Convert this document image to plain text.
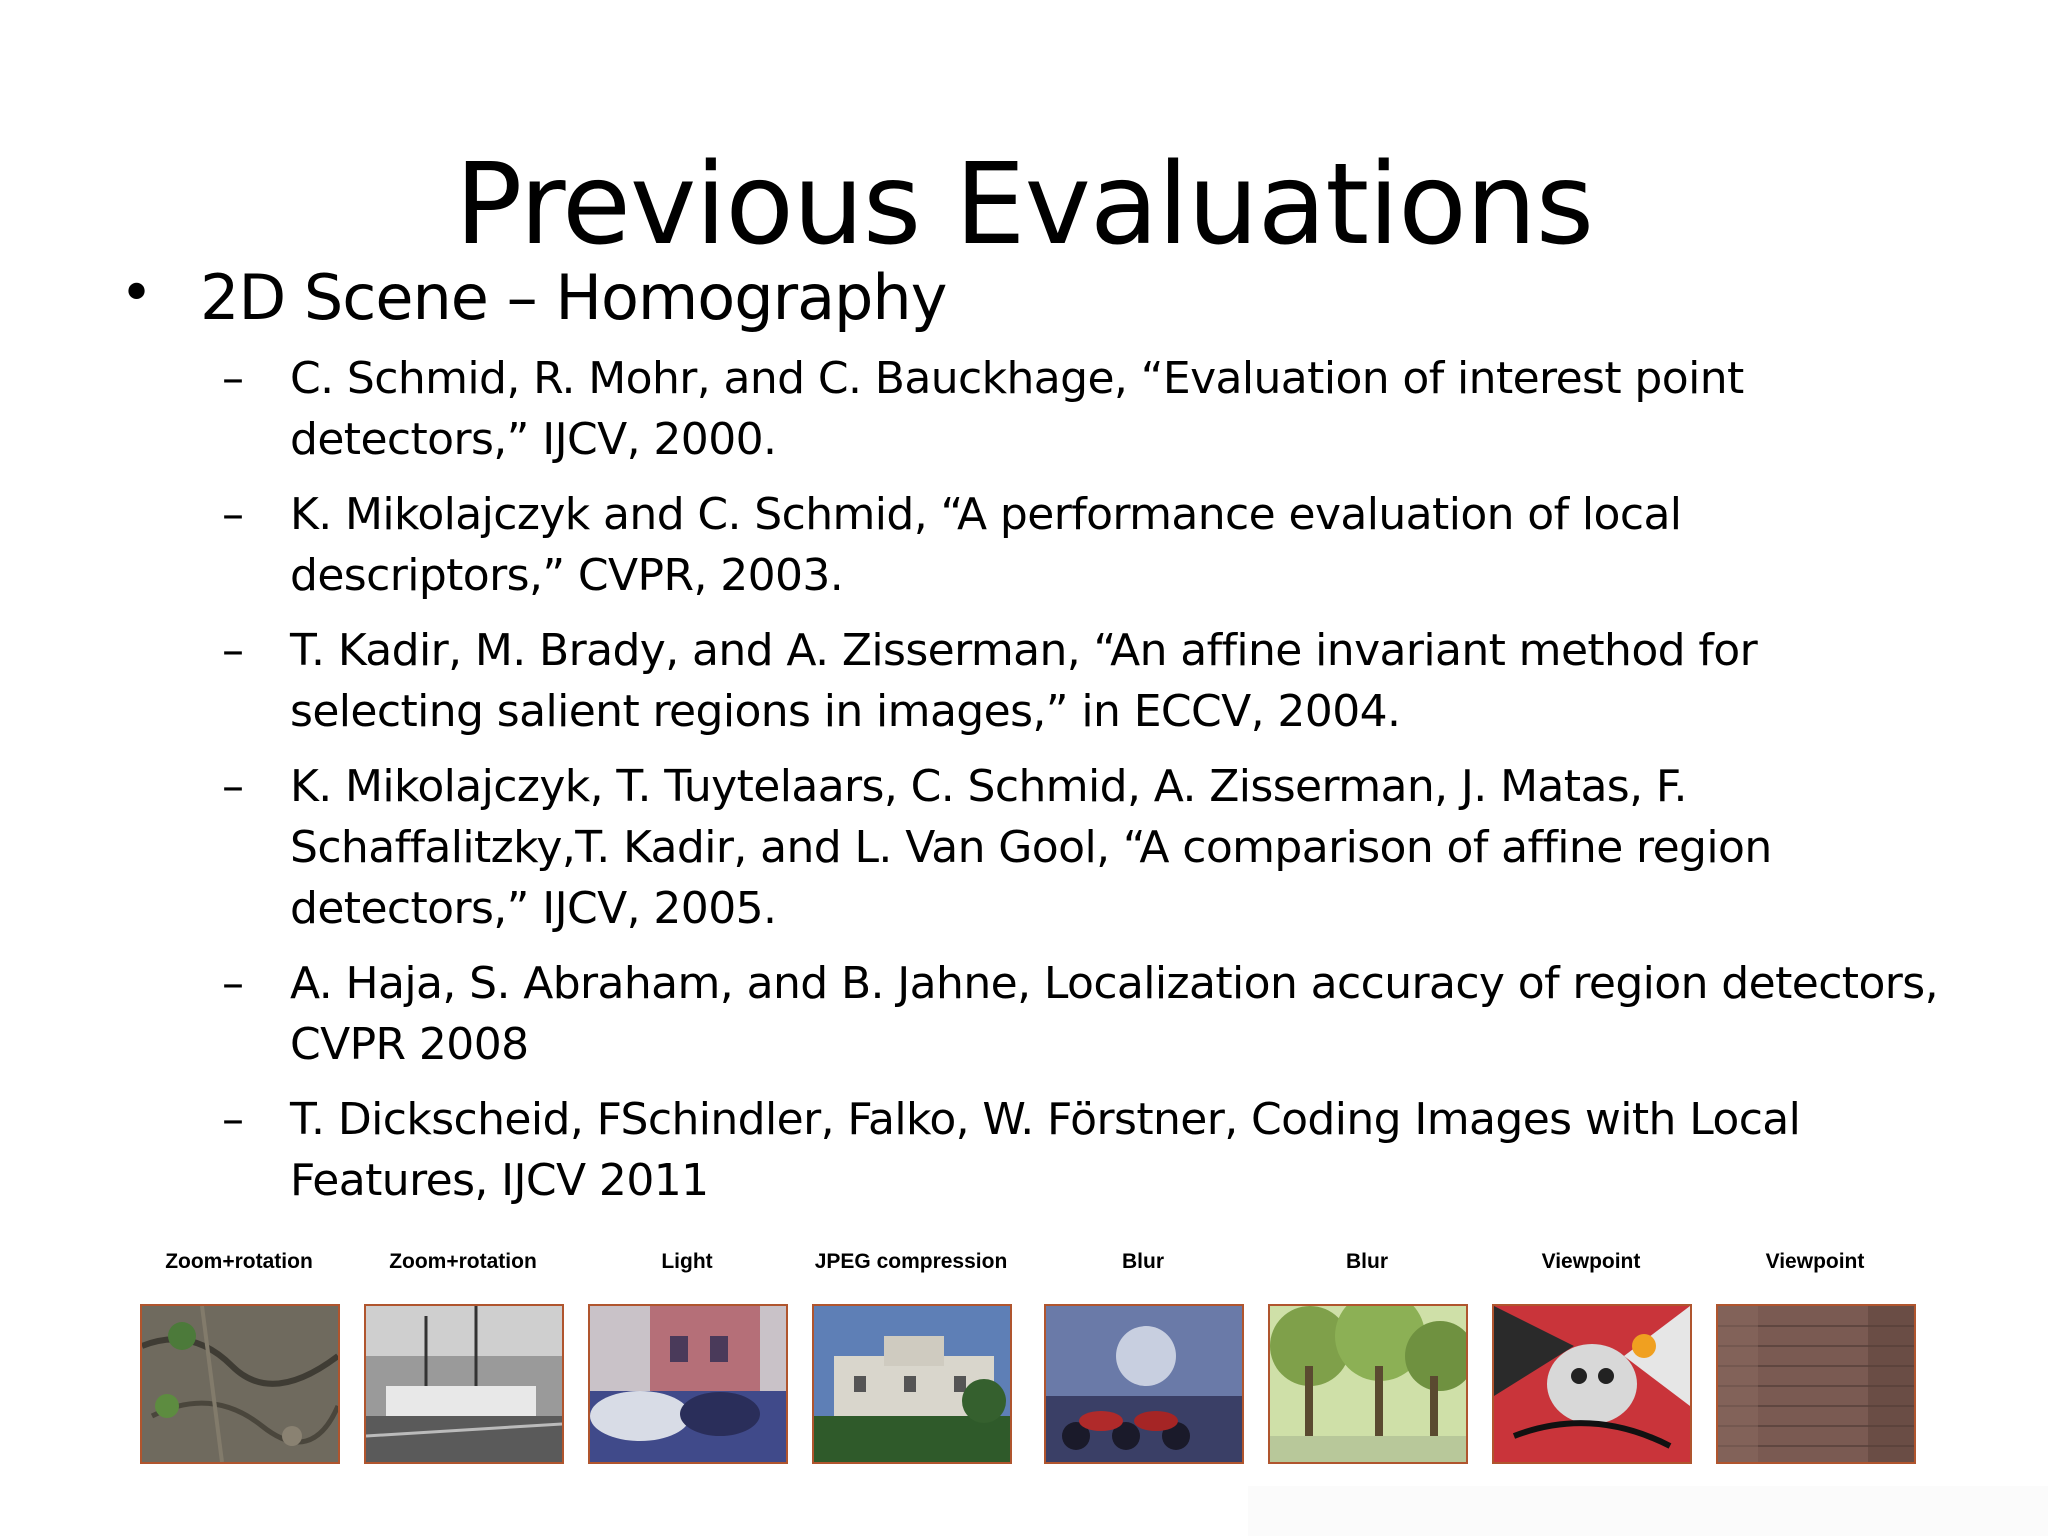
Previous Evaluations
• 2D Scene – Homography
– C. Schmid, R. Mohr, and C. Bauckhage, “Evaluation of interest point detectors,” IJCV, 2000.
– K. Mikolajczyk and C. Schmid, “A performance evaluation of local descriptors,” CVPR, 2003.
– T. Kadir, M. Brady, and A. Zisserman, “An affine invariant method for selecting salient regions in images,” in ECCV, 2004.
– K. Mikolajczyk, T. Tuytelaars, C. Schmid, A. Zisserman, J. Matas, F. Schaffalitzky,T. Kadir, and L. Van Gool, “A comparison of affine region detectors,” IJCV, 2005.
– A. Haja, S. Abraham, and B. Jahne, Localization accuracy of region detectors, CVPR 2008
– T. Dickscheid, FSchindler, Falko, W. Förstner, Coding Images with Local Features, IJCV 2011
Zoom+rotation	Zoom+rotation	Light	JPEG compression	Blur	Blur	Viewpoint	Viewpoint
